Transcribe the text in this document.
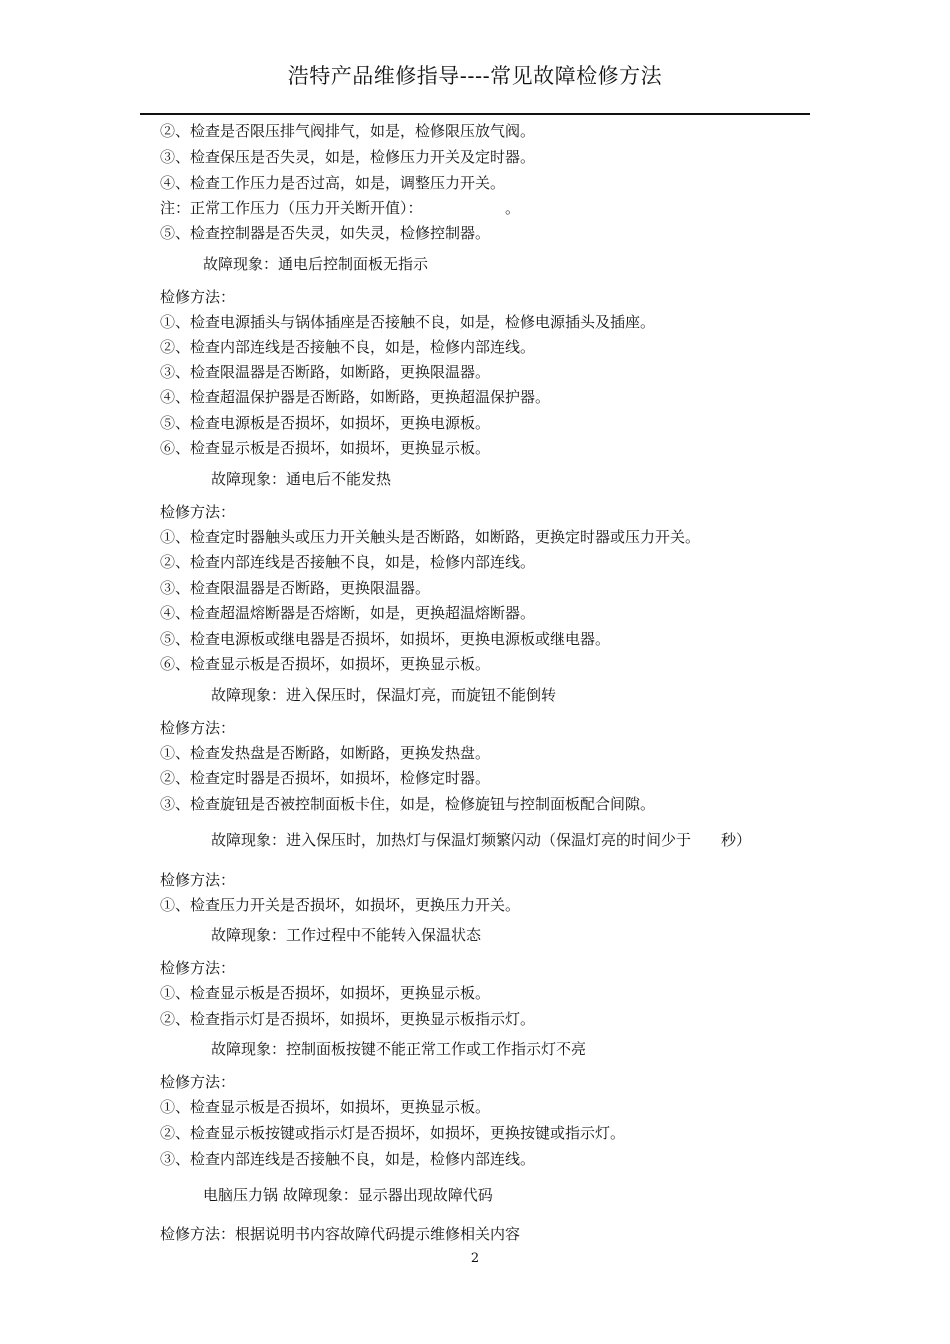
浩特产品维修指导----常见故障检修方法
②、检查是否限压排气阀排气，如是，检修限压放气阀。
③、检查保压是否失灵，如是，检修压力开关及定时器。
④、检查工作压力是否过高，如是，调整压力开关。
注：正常工作压力（压力开关断开值）：　　　　　　。
⑤、检查控制器是否失灵，如失灵，检修控制器。
故障现象：通电后控制面板无指示
检修方法：
①、检查电源插头与锅体插座是否接触不良，如是，检修电源插头及插座。
②、检查内部连线是否接触不良，如是，检修内部连线。
③、检查限温器是否断路，如断路，更换限温器。
④、检查超温保护器是否断路，如断路，更换超温保护器。
⑤、检查电源板是否损坏，如损坏，更换电源板。
⑥、检查显示板是否损坏，如损坏，更换显示板。
故障现象：通电后不能发热
检修方法：
①、检查定时器触头或压力开关触头是否断路，如断路，更换定时器或压力开关。
②、检查内部连线是否接触不良，如是，检修内部连线。
③、检查限温器是否断路，更换限温器。
④、检查超温熔断器是否熔断，如是，更换超温熔断器。
⑤、检查电源板或继电器是否损坏，如损坏，更换电源板或继电器。
⑥、检查显示板是否损坏，如损坏，更换显示板。
故障现象：进入保压时，保温灯亮，而旋钮不能倒转
检修方法：
①、检查发热盘是否断路，如断路，更换发热盘。
②、检查定时器是否损坏，如损坏，检修定时器。
③、检查旋钮是否被控制面板卡住，如是，检修旋钮与控制面板配合间隙。
故障现象：进入保压时，加热灯与保温灯频繁闪动（保温灯亮的时间少于　　秒）
检修方法：
①、检查压力开关是否损坏，如损坏，更换压力开关。
故障现象：工作过程中不能转入保温状态
检修方法：
①、检查显示板是否损坏，如损坏，更换显示板。
②、检查指示灯是否损坏，如损坏，更换显示板指示灯。
故障现象：控制面板按键不能正常工作或工作指示灯不亮
检修方法：
①、检查显示板是否损坏，如损坏，更换显示板。
②、检查显示板按键或指示灯是否损坏，如损坏，更换按键或指示灯。
③、检查内部连线是否接触不良，如是，检修内部连线。
电脑压力锅 故障现象：显示器出现故障代码
检修方法：根据说明书内容故障代码提示维修相关内容
2
